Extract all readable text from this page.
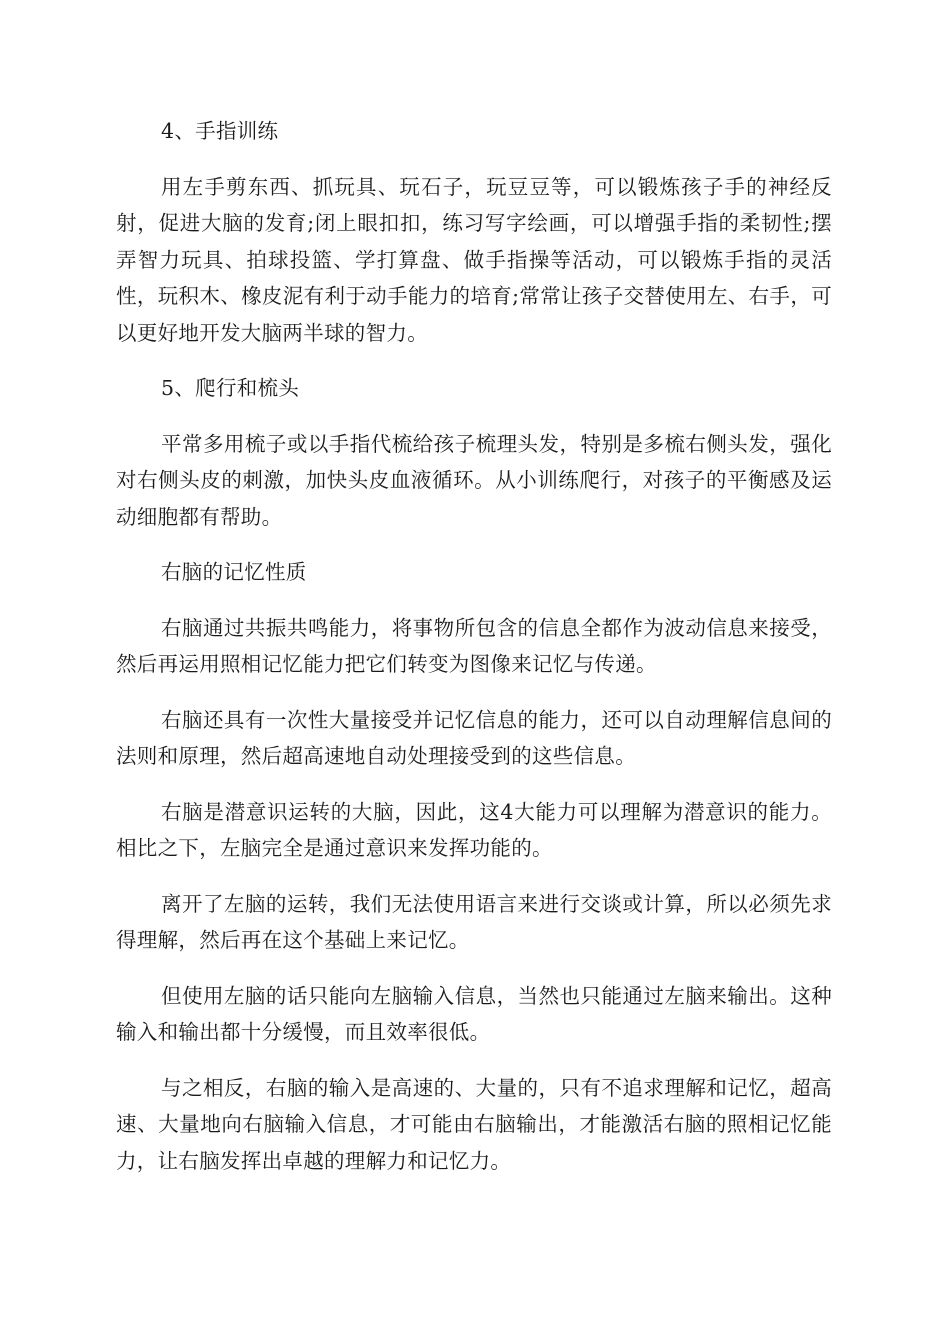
4、手指训练

用左手剪东西、抓玩具、玩石子，玩豆豆等，可以锻炼孩子手的神经反射，促进大脑的发育;闭上眼扣扣，练习写字绘画，可以增强手指的柔韧性;摆弄智力玩具、拍球投篮、学打算盘、做手指操等活动，可以锻炼手指的灵活性，玩积木、橡皮泥有利于动手能力的培育;常常让孩子交替使用左、右手，可以更好地开发大脑两半球的智力。

5、爬行和梳头

平常多用梳子或以手指代梳给孩子梳理头发，特别是多梳右侧头发，强化对右侧头皮的刺激，加快头皮血液循环。从小训练爬行，对孩子的平衡感及运动细胞都有帮助。

右脑的记忆性质

右脑通过共振共鸣能力，将事物所包含的信息全都作为波动信息来接受，然后再运用照相记忆能力把它们转变为图像来记忆与传递。

右脑还具有一次性大量接受并记忆信息的能力，还可以自动理解信息间的法则和原理，然后超高速地自动处理接受到的这些信息。

右脑是潜意识运转的大脑，因此，这4大能力可以理解为潜意识的能力。相比之下，左脑完全是通过意识来发挥功能的。

离开了左脑的运转，我们无法使用语言来进行交谈或计算，所以必须先求得理解，然后再在这个基础上来记忆。

但使用左脑的话只能向左脑输入信息，当然也只能通过左脑来输出。这种输入和输出都十分缓慢，而且效率很低。

与之相反，右脑的输入是高速的、大量的，只有不追求理解和记忆，超高速、大量地向右脑输入信息，才可能由右脑输出，才能激活右脑的照相记忆能力，让右脑发挥出卓越的理解力和记忆力。
